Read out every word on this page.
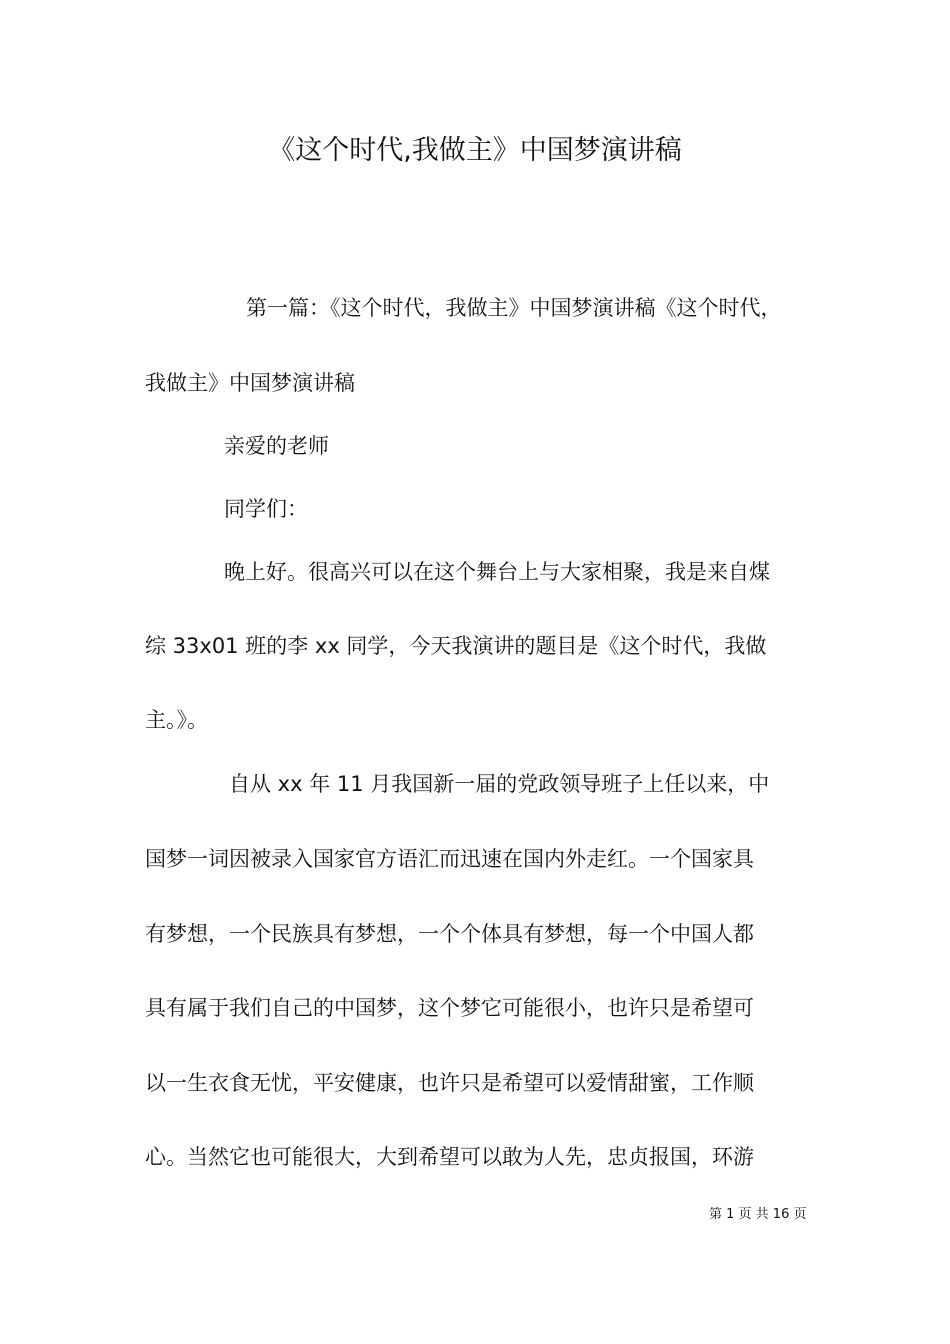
《这个时代,我做主》中国梦演讲稿
第一篇：《这个时代，我做主》中国梦演讲稿《这个时代，
我做主》中国梦演讲稿
亲爱的老师
同学们：
晚上好。很高兴可以在这个舞台上与大家相聚，我是来自煤
综 33x01 班的李 xx 同学，今天我演讲的题目是《这个时代，我做
主。》。
自从 xx 年 11 月我国新一届的党政领导班子上任以来，中
国梦一词因被录入国家官方语汇而迅速在国内外走红。一个国家具
有梦想，一个民族具有梦想，一个个体具有梦想，每一个中国人都
具有属于我们自己的中国梦，这个梦它可能很小，也许只是希望可
以一生衣食无忧，平安健康，也许只是希望可以爱情甜蜜，工作顺
心。当然它也可能很大，大到希望可以敢为人先，忠贞报国，环游
第 1 页 共 16 页
